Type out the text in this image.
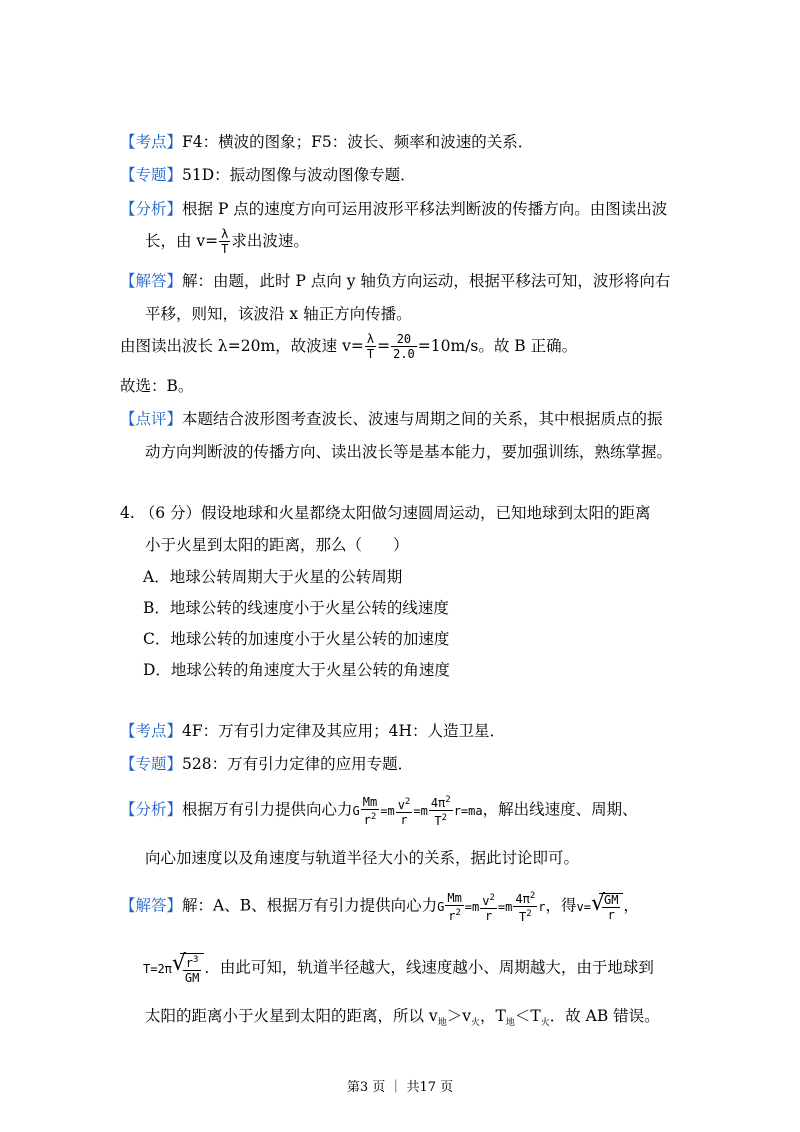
【考点】F4：横波的图象；F5：波长、频率和波速的关系．
【专题】51D：振动图像与波动图像专题．
【分析】根据 P 点的速度方向可运用波形平移法判断波的传播方向。由图读出波
长，由 $v= \frac{\lambda}{T}$ 求出波速。
【解答】解：由题，此时 P 点向 y 轴负方向运动，根据平移法可知，波形将向右
平移，则知，该波沿 x 轴正方向传播。
由图读出波长 λ=20m，故波速 $v= \frac{\lambda}{T} = \frac{20}{2.0} =10m/s$。故 B 正确。
故选：B。
【点评】本题结合波形图考查波长、波速与周期之间的关系，其中根据质点的振
动方向判断波的传播方向、读出波长等是基本能力，要加强训练，熟练掌握。
4. （6 分）假设地球和火星都绕太阳做匀速圆周运动，已知地球到太阳的距离
小于火星到太阳的距离，那么（　　）
A．地球公转周期大于火星的公转周期
B．地球公转的线速度小于火星公转的线速度
C．地球公转的加速度小于火星公转的加速度
D．地球公转的角速度大于火星公转的角速度
【考点】4F：万有引力定律及其应用；4H：人造卫星．
【专题】528：万有引力定律的应用专题．
【分析】根据万有引力提供向心力G $\frac{Mm}{r^2} =m \frac{v^2}{r} =m \frac{4\pi^2}{T^2} r=ma$，解出线速度、周期、
向心加速度以及角速度与轨道半径大小的关系，据此讨论即可。
【解答】解：A、B、根据万有引力提供向心力G $\frac{Mm}{r^2} =m \frac{v^2}{r} =m \frac{4\pi^2}{T^2}$ r，得v= √
$\frac{GM}{r}$ ，
T=2π √
$\frac{r^3}{GM}$ ．由此可知，轨道半径越大，线速度越小、周期越大，由于地球到
太阳的距离小于火星到太阳的距离，所以 $v_地>v_火$，$T_地<T_火$．故 AB 错误。
第3 页 ｜ 共17 页
